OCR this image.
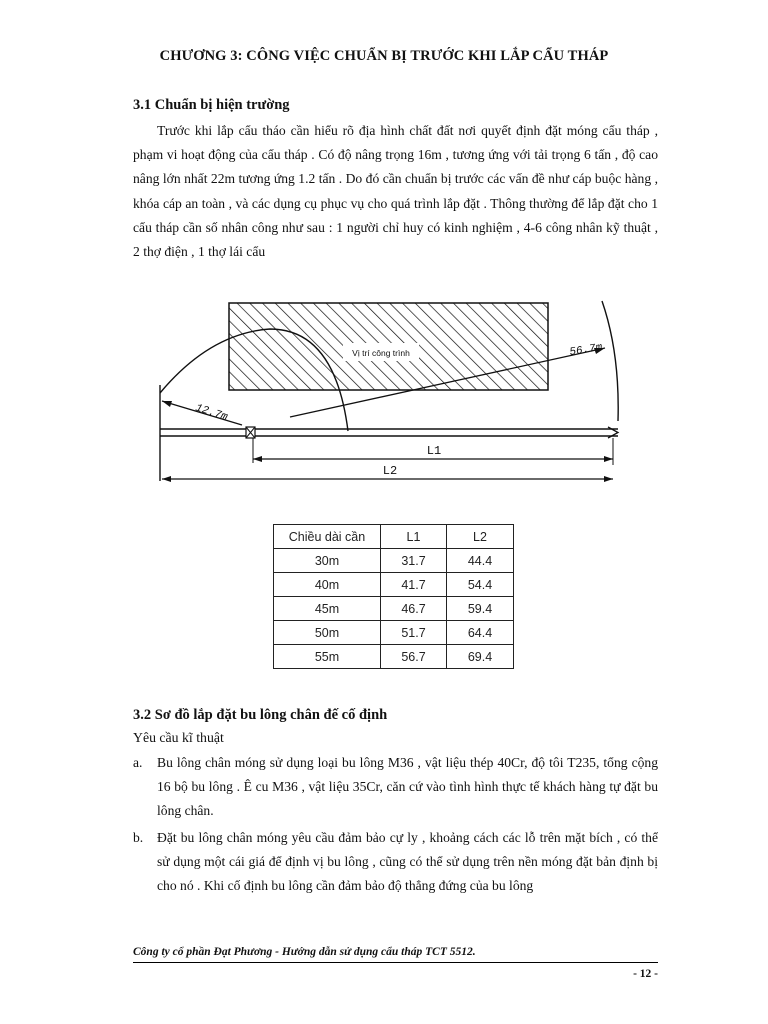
CHƯƠNG 3: CÔNG VIỆC CHUẨN BỊ TRƯỚC KHI LẮP CẨU THÁP
3.1 Chuẩn bị hiện trường

Trước khi lắp cẩu tháo cần hiểu rõ địa hình chất đất nơi quyết định đặt móng cẩu tháp , phạm vi hoạt động của cẩu tháp . Có độ nâng trọng 16m , tương ứng với tải trọng 6 tấn , độ cao nâng lớn nhất 22m tương ứng 1.2 tấn . Do đó cần chuẩn bị trước các vấn đề như cáp buộc hàng , khóa cáp an toàn , và các dụng cụ phục vụ cho quá trình lắp đặt . Thông thường để lắp đặt cho 1 cẩu tháp cần số nhân công như sau : 1 người chỉ huy có kinh nghiệm , 4-6 công nhân kỹ thuật , 2 thợ điện , 1 thợ lái cẩu

Vị trí công trình	56.7m
12.7m
L1
L2
Chiều dài cần	L1	L2
30m	31.7	44.4
40m	41.7	54.4
45m	46.7	59.4
50m	51.7	64.4
55m	56.7	69.4
3.2 Sơ đồ lắp đặt bu lông chân đế cố định
Yêu cầu kĩ thuật
a. Bu lông chân móng sử dụng loại bu lông M36 , vật liệu thép 40Cr, độ tôi T235, tổng cộng 16 bộ bu lông . Ê cu M36 , vật liệu 35Cr, căn cứ vào tình hình thực tế khách hàng tự đặt bu lông chân.
b. Đặt bu lông chân móng yêu cầu đảm bảo cự ly , khoảng cách các lỗ trên mặt bích , có thể sử dụng một cái giá để định vị bu lông , cũng có thể sử dụng trên nền móng đặt bản định bị cho nó . Khi cố định bu lông cần đảm bảo độ thẳng đứng của bu lông
Công ty cổ phần Đạt Phương - Hướng dẫn sử dụng cẩu tháp TCT 5512.
- 12 -
